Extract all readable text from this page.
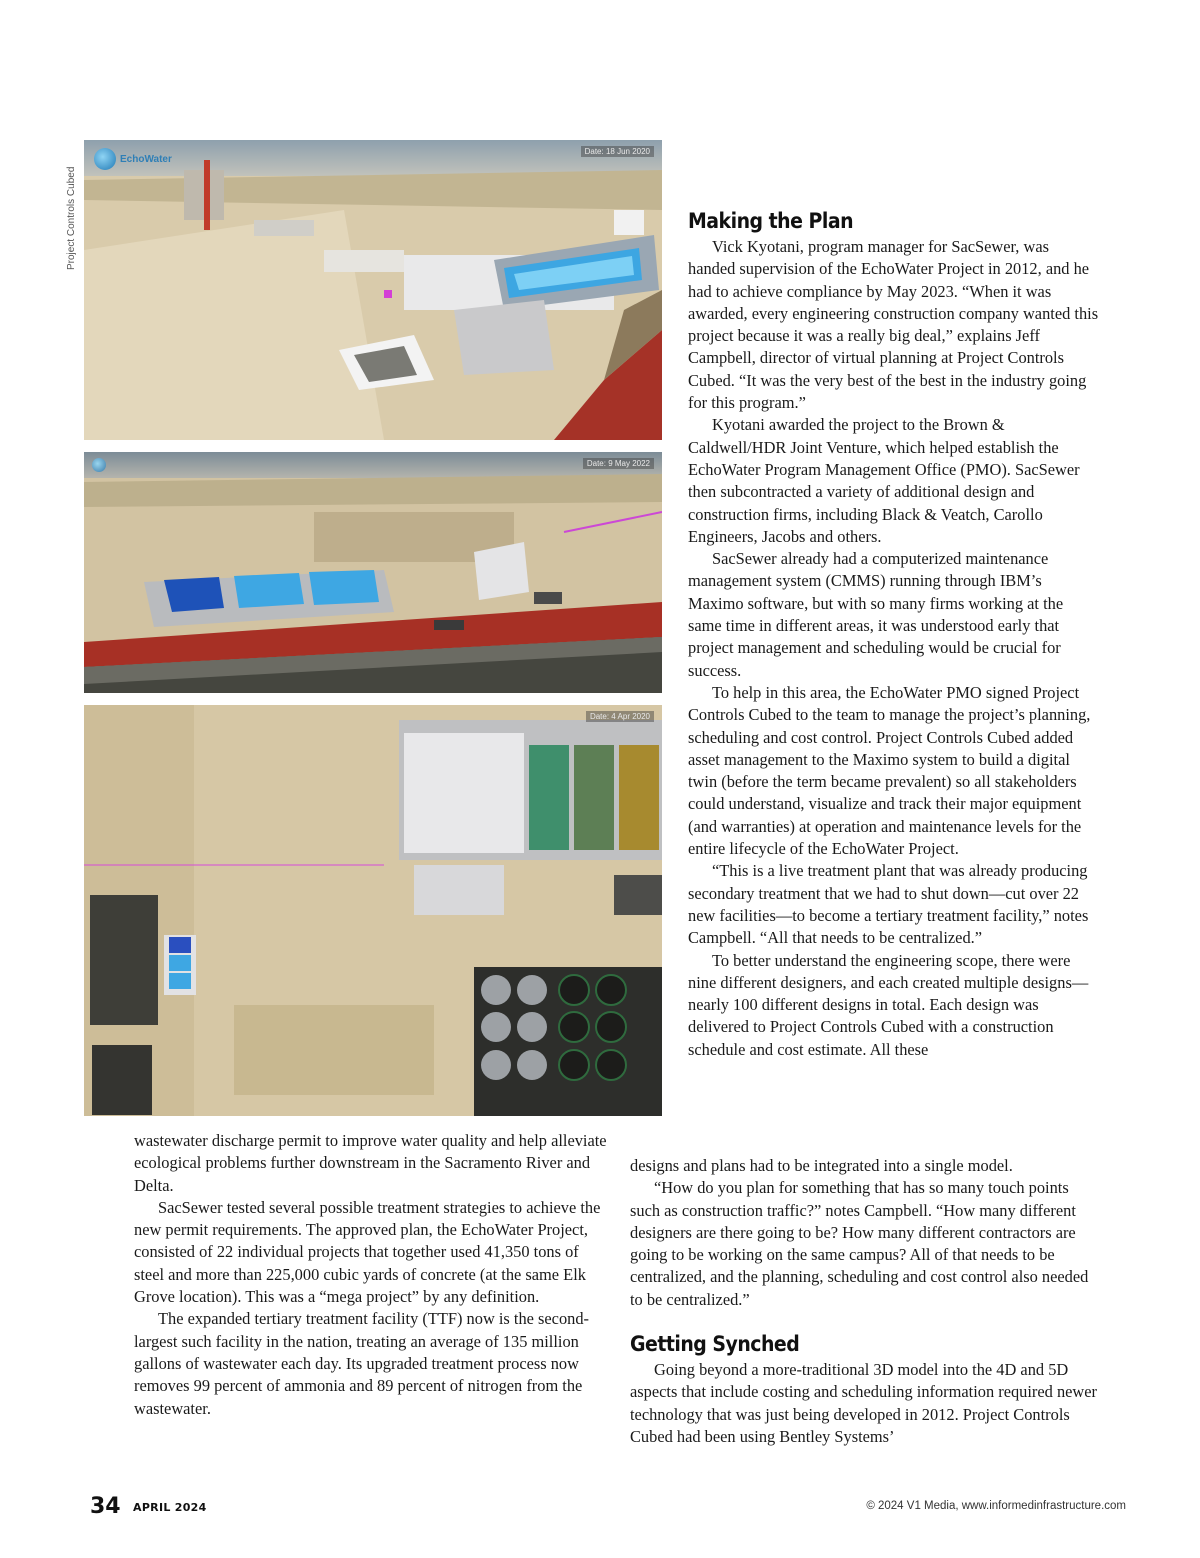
Project Controls Cubed
EchoWater
Date: 18 Jun 2020
Date: 9 May 2022
Date: 4 Apr 2020
Making the Plan

Vick Kyotani, program manager for SacSewer, was handed supervision of the EchoWater Project in 2012, and he had to achieve compliance by May 2023. “When it was awarded, every engineering construction company wanted this project because it was a really big deal,” explains Jeff Campbell, director of virtual planning at Project Controls Cubed. “It was the very best of the best in the industry going for this program.”

Kyotani awarded the project to the Brown & Caldwell/HDR Joint Venture, which helped establish the EchoWater Program Management Office (PMO). SacSewer then subcontracted a variety of additional design and construction firms, including Black & Veatch, Carollo Engineers, Jacobs and others.

SacSewer already had a computerized maintenance management system (CMMS) running through IBM’s Maximo software, but with so many firms working at the same time in different areas, it was understood early that project management and scheduling would be crucial for success.

To help in this area, the EchoWater PMO signed Project Controls Cubed to the team to manage the project’s planning, scheduling and cost control. Project Controls Cubed added asset management to the Maximo system to build a digital twin (before the term became prevalent) so all stakeholders could understand, visualize and track their major equipment (and warranties) at operation and maintenance levels for the entire lifecycle of the EchoWater Project.

“This is a live treatment plant that was already producing secondary treatment that we had to shut down—cut over 22 new facilities—to become a tertiary treatment facility,” notes Campbell. “All that needs to be centralized.”

To better understand the engineering scope, there were nine different designers, and each created multiple designs—nearly 100 different designs in total. Each design was delivered to Project Controls Cubed with a construction schedule and cost estimate. All these

wastewater discharge permit to improve water quality and help alleviate ecological problems further downstream in the Sacramento River and Delta.

SacSewer tested several possible treatment strategies to achieve the new permit requirements. The approved plan, the EchoWater Project, consisted of 22 individual projects that together used 41,350 tons of steel and more than 225,000 cubic yards of concrete (at the same Elk Grove location). This was a “mega project” by any definition.

The expanded tertiary treatment facility (TTF) now is the second-largest such facility in the nation, treating an average of 135 million gallons of wastewater each day. Its upgraded treatment process now removes 99 percent of ammonia and 89 percent of nitrogen from the wastewater.

designs and plans had to be integrated into a single model.

“How do you plan for something that has so many touch points such as construction traffic?” notes Campbell. “How many different designers are there going to be? How many different contractors are going to be working on the same campus? All of that needs to be centralized, and the planning, scheduling and cost control also needed to be centralized.”

Getting Synched

Going beyond a more-traditional 3D model into the 4D and 5D aspects that include costing and scheduling information required newer technology that was just being developed in 2012. Project Controls Cubed had been using Bentley Systems’

34 APRIL 2024	© 2024 V1 Media, www.informedinfrastructure.com
